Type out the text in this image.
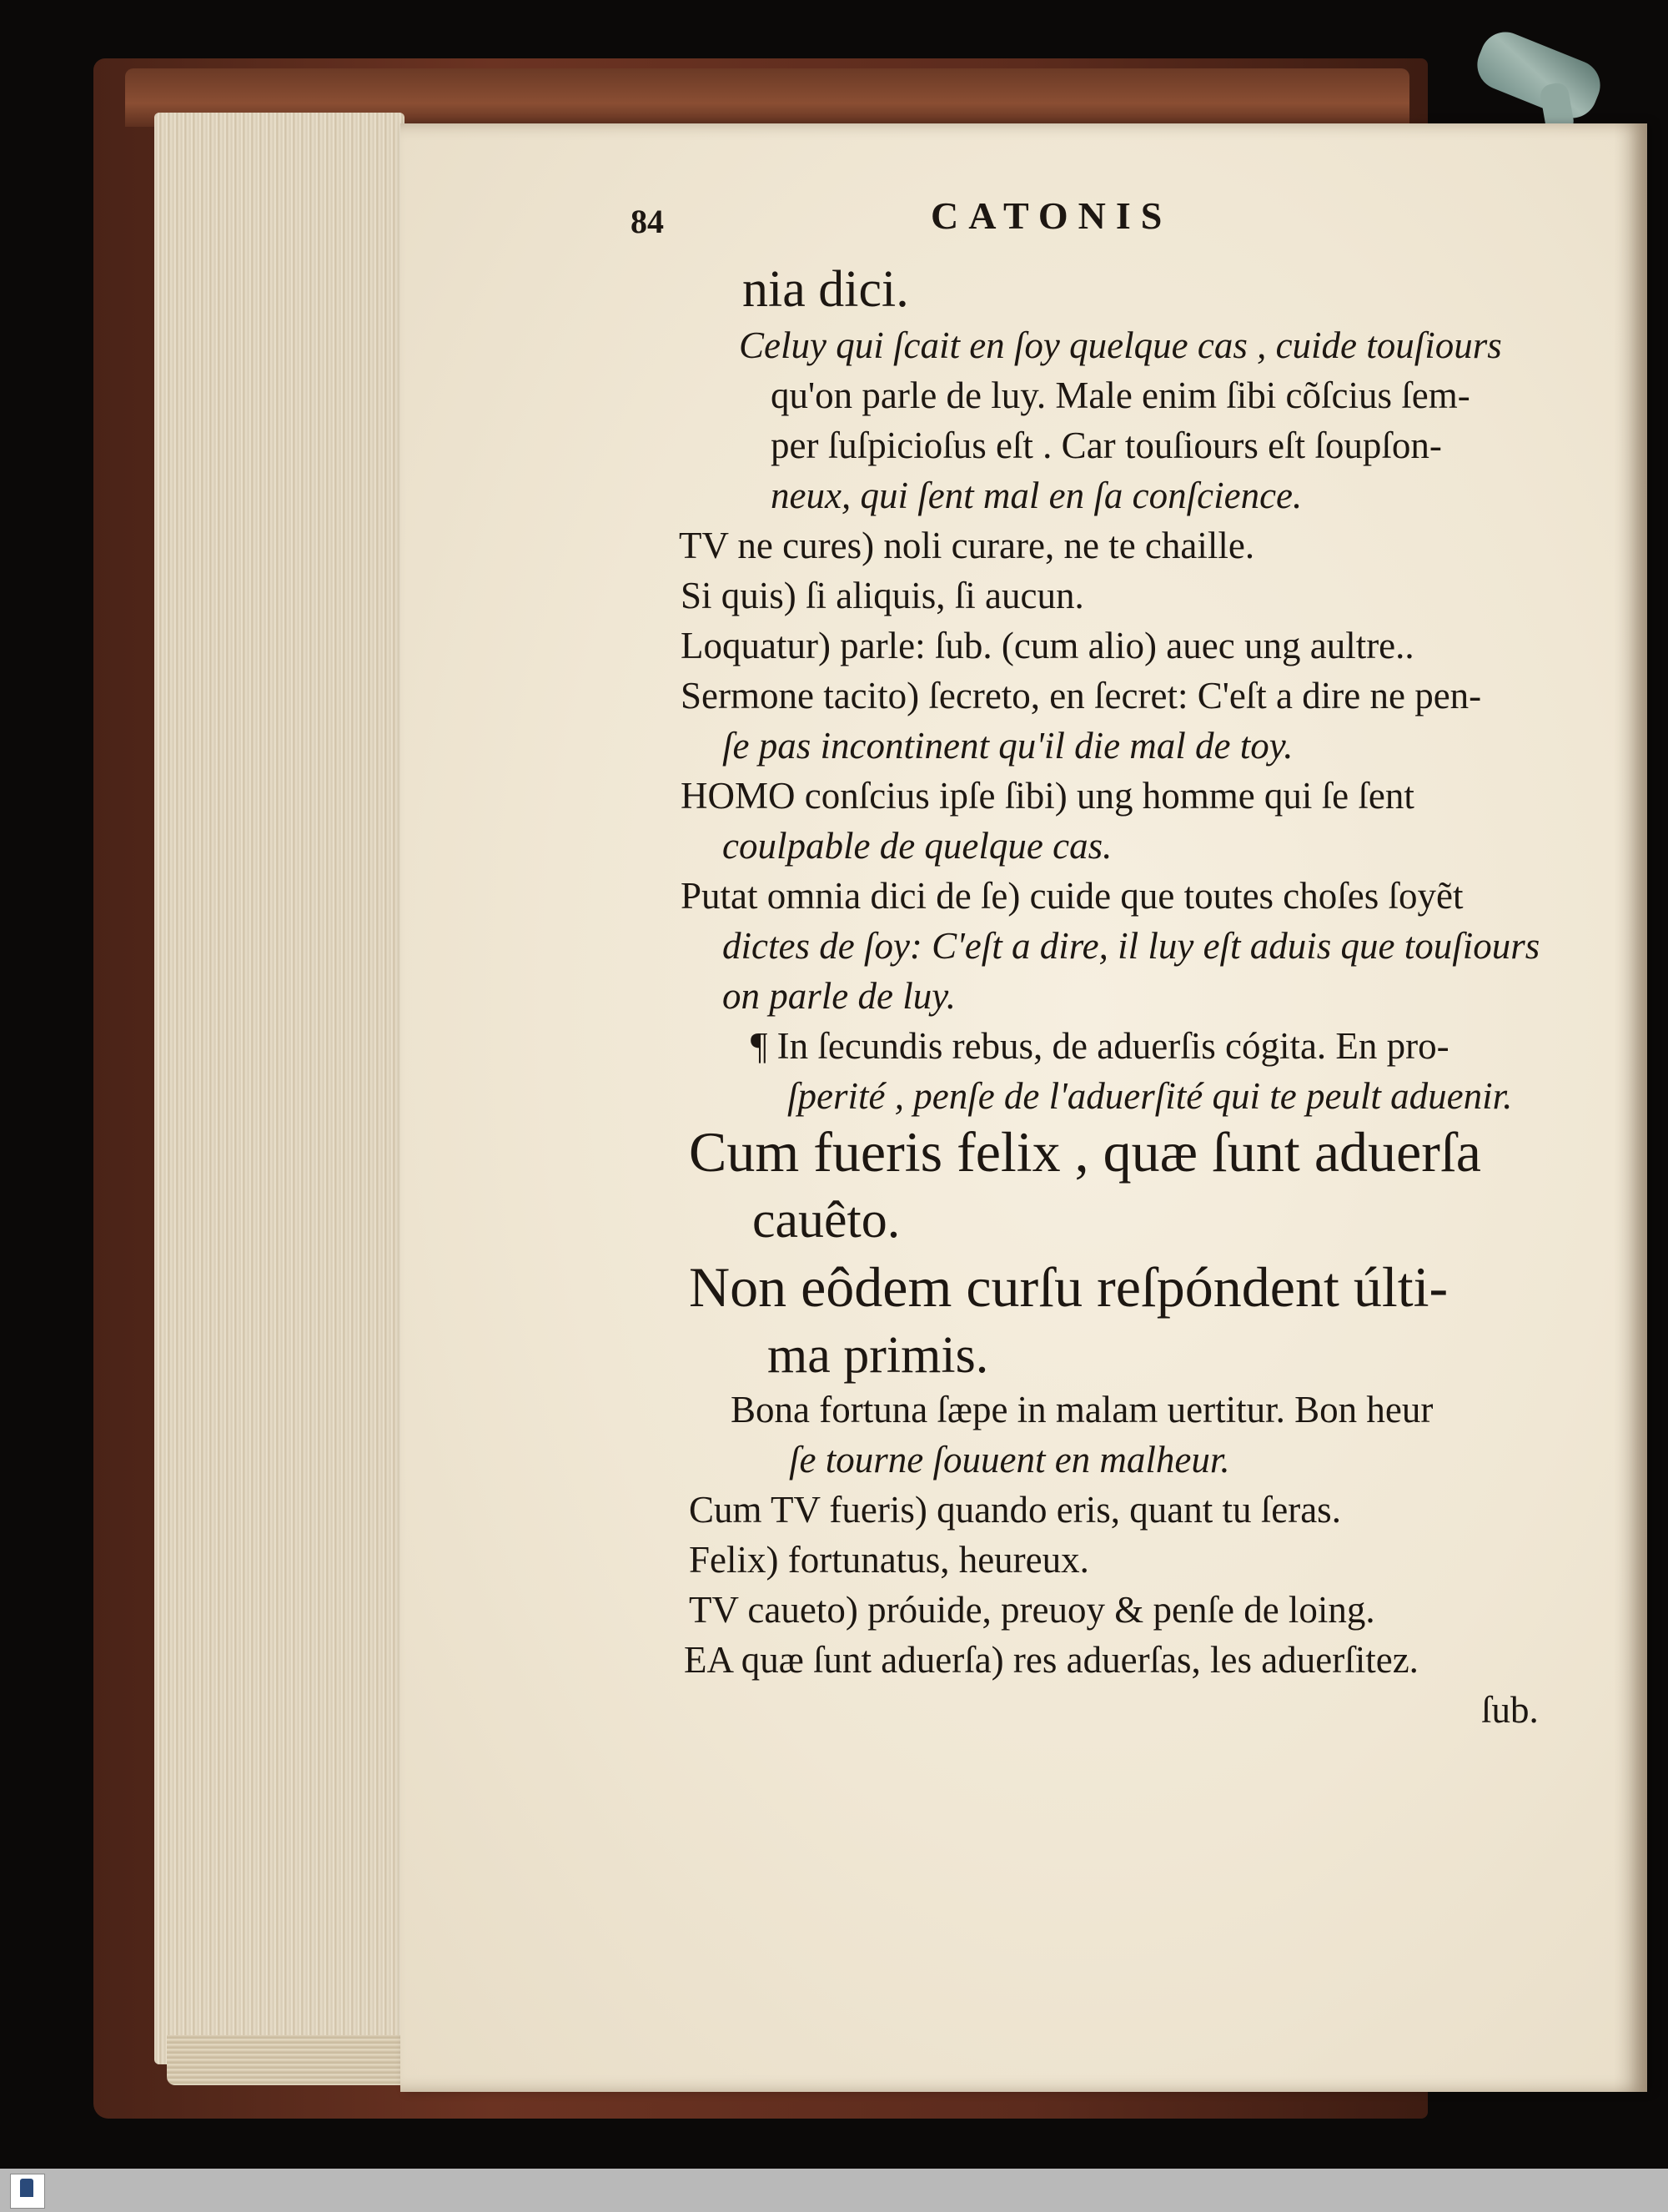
84	CATONIS
nia dici.
Celuy qui ſcait en ſoy quelque cas , cuide touſiours
qu'on parle de luy. Male enim ſibi cõſcius ſem-
per ſuſpicioſus eſt . Car touſiours eſt ſoupſon-
neux, qui ſent mal en ſa conſcience.
TV ne cures) noli curare, ne te chaille.
Si quis) ſi aliquis, ſi aucun.
Loquatur) parle: ſub. (cum alio) auec ung aultre..
Sermone tacito) ſecreto, en ſecret: C'eſt a dire ne pen-
ſe pas incontinent qu'il die mal de toy.
HOMO conſcius ipſe ſibi) ung homme qui ſe ſent
coulpable de quelque cas.
Putat omnia dici de ſe) cuide que toutes choſes ſoyẽt
dictes de ſoy: C'eſt a dire, il luy eſt aduis que touſiours
on parle de luy.
¶ In ſecundis rebus, de aduerſis cógita. En pro-
ſperité , penſe de l'aduerſité qui te peult aduenir.
Cum fueris felix , quæ ſunt aduerſa
cauêto.
Non eôdem curſu reſpóndent últi-
ma primis.
Bona fortuna ſæpe in malam uertitur. Bon heur
ſe tourne ſouuent en malheur.
Cum TV fueris) quando eris, quant tu ſeras.
Felix) fortunatus, heureux.
TV caueto) próuide, preuoy & penſe de loing.
EA quæ ſunt aduerſa) res aduerſas, les aduerſitez.
ſub.
